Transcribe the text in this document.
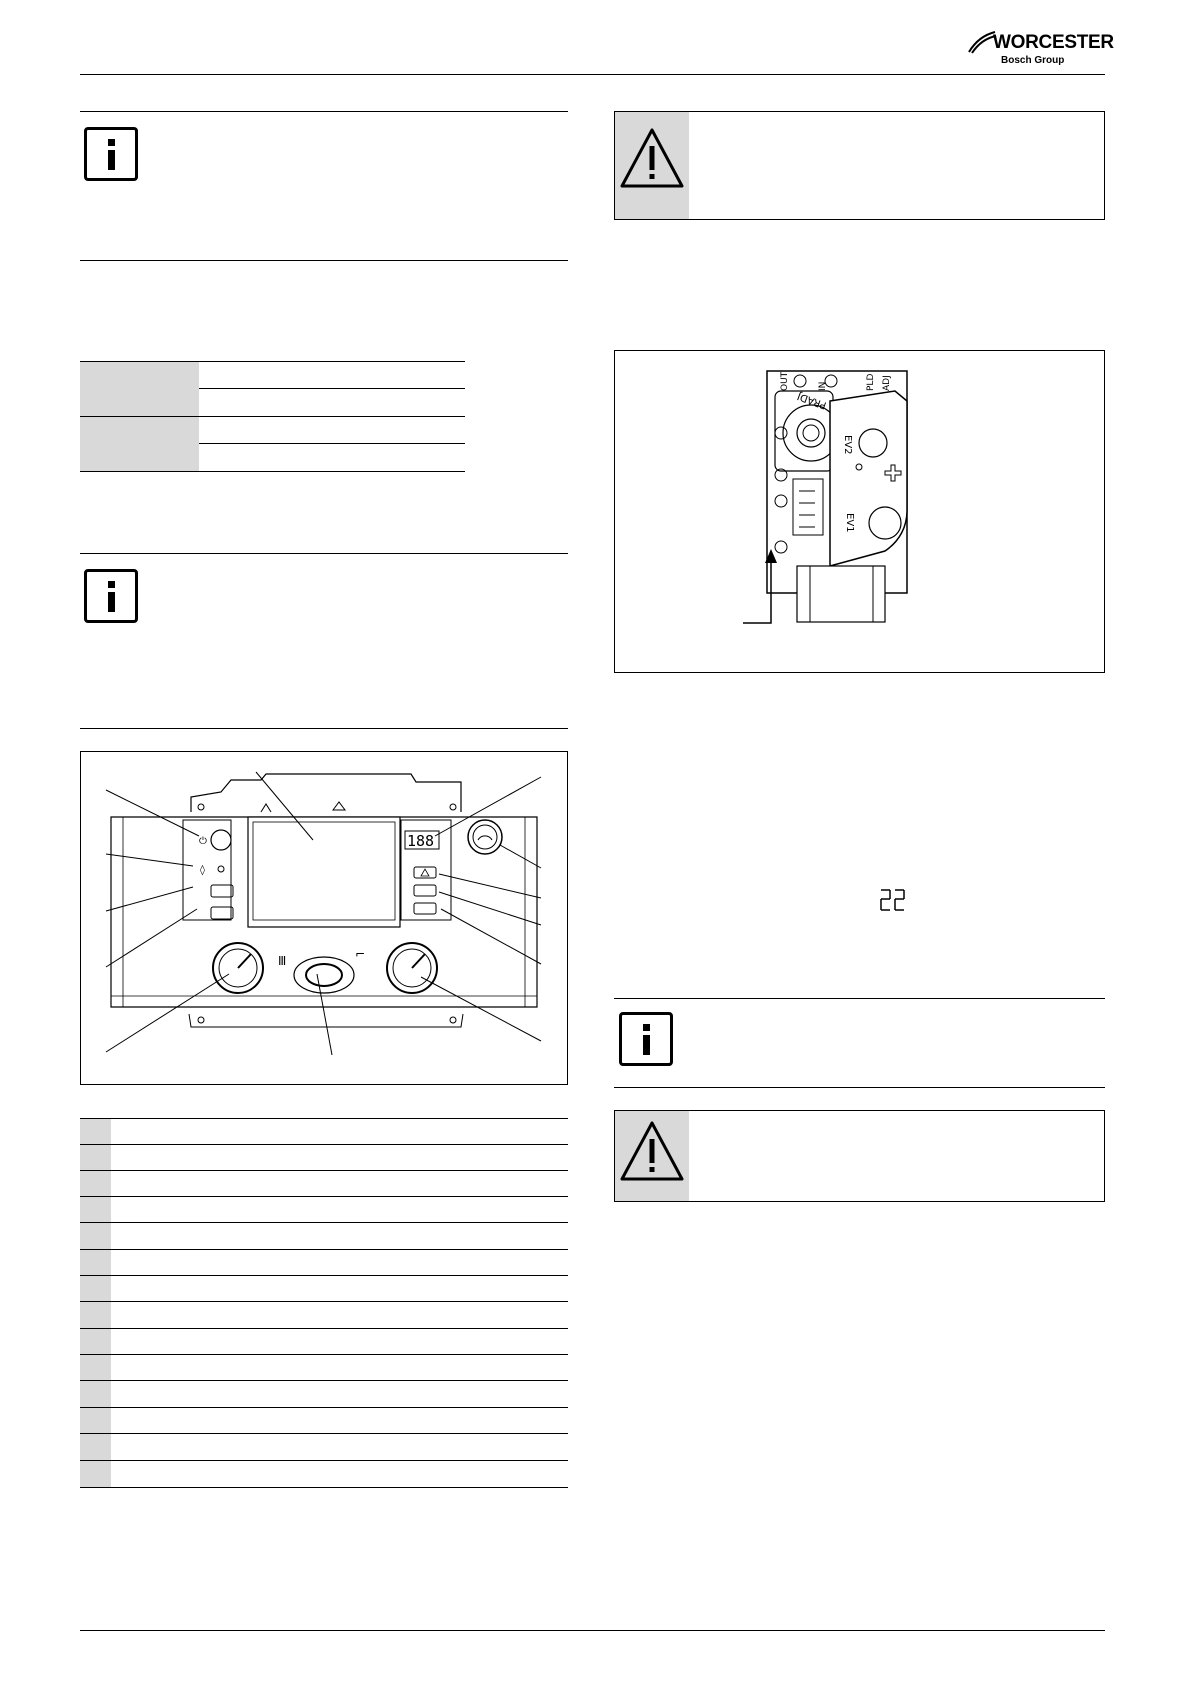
WORCESTER
Bosch Group
⏻
◊
188
Ⅲ	⌐
OUT	IN	PLD ADJ
PRADJ
EV2
EV1
